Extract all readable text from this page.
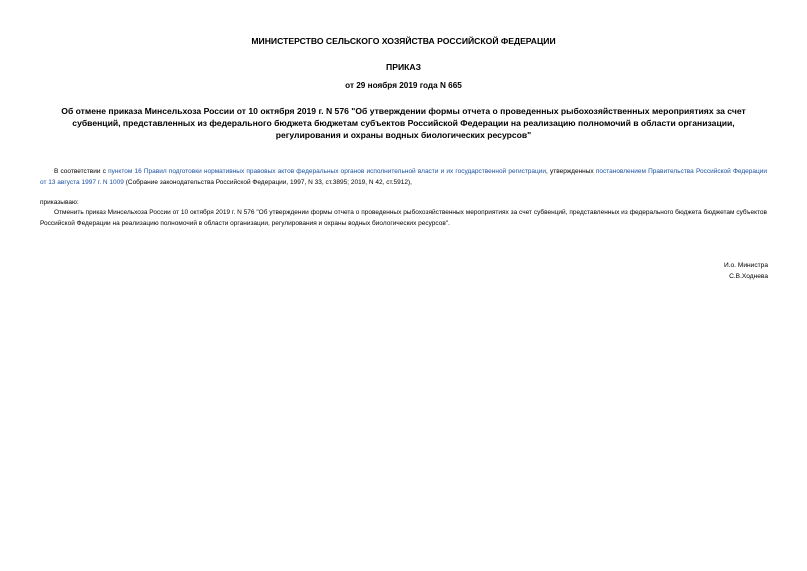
МИНИСТЕРСТВО СЕЛЬСКОГО ХОЗЯЙСТВА РОССИЙСКОЙ ФЕДЕРАЦИИ
ПРИКАЗ
от 29 ноября 2019 года N 665
Об отмене приказа Минсельхоза России от 10 октября 2019 г. N 576 "Об утверждении формы отчета о проведенных рыбохозяйственных мероприятиях за счет субвенций, представленных из федерального бюджета бюджетам субъектов Российской Федерации на реализацию полномочий в области организации, регулирования и охраны водных биологических ресурсов"
В соответствии с пунктом 16 Правил подготовки нормативных правовых актов федеральных органов исполнительной власти и их государственной регистрации, утвержденных постановлением Правительства Российской Федерации от 13 августа 1997 г. N 1009 (Собрание законодательства Российской Федерации, 1997, N 33, ст.3895; 2019, N 42, ст.5912),
приказываю:
Отменить приказ Минсельхоза России от 10 октября 2019 г. N 576 "Об утверждении формы отчета о проведенных рыбохозяйственных мероприятиях за счет субвенций, представленных из федерального бюджета бюджетам субъектов Российской Федерации на реализацию полномочий в области организации, регулирования и охраны водных биологических ресурсов".
И.о. Министра
С.В.Ходнева
